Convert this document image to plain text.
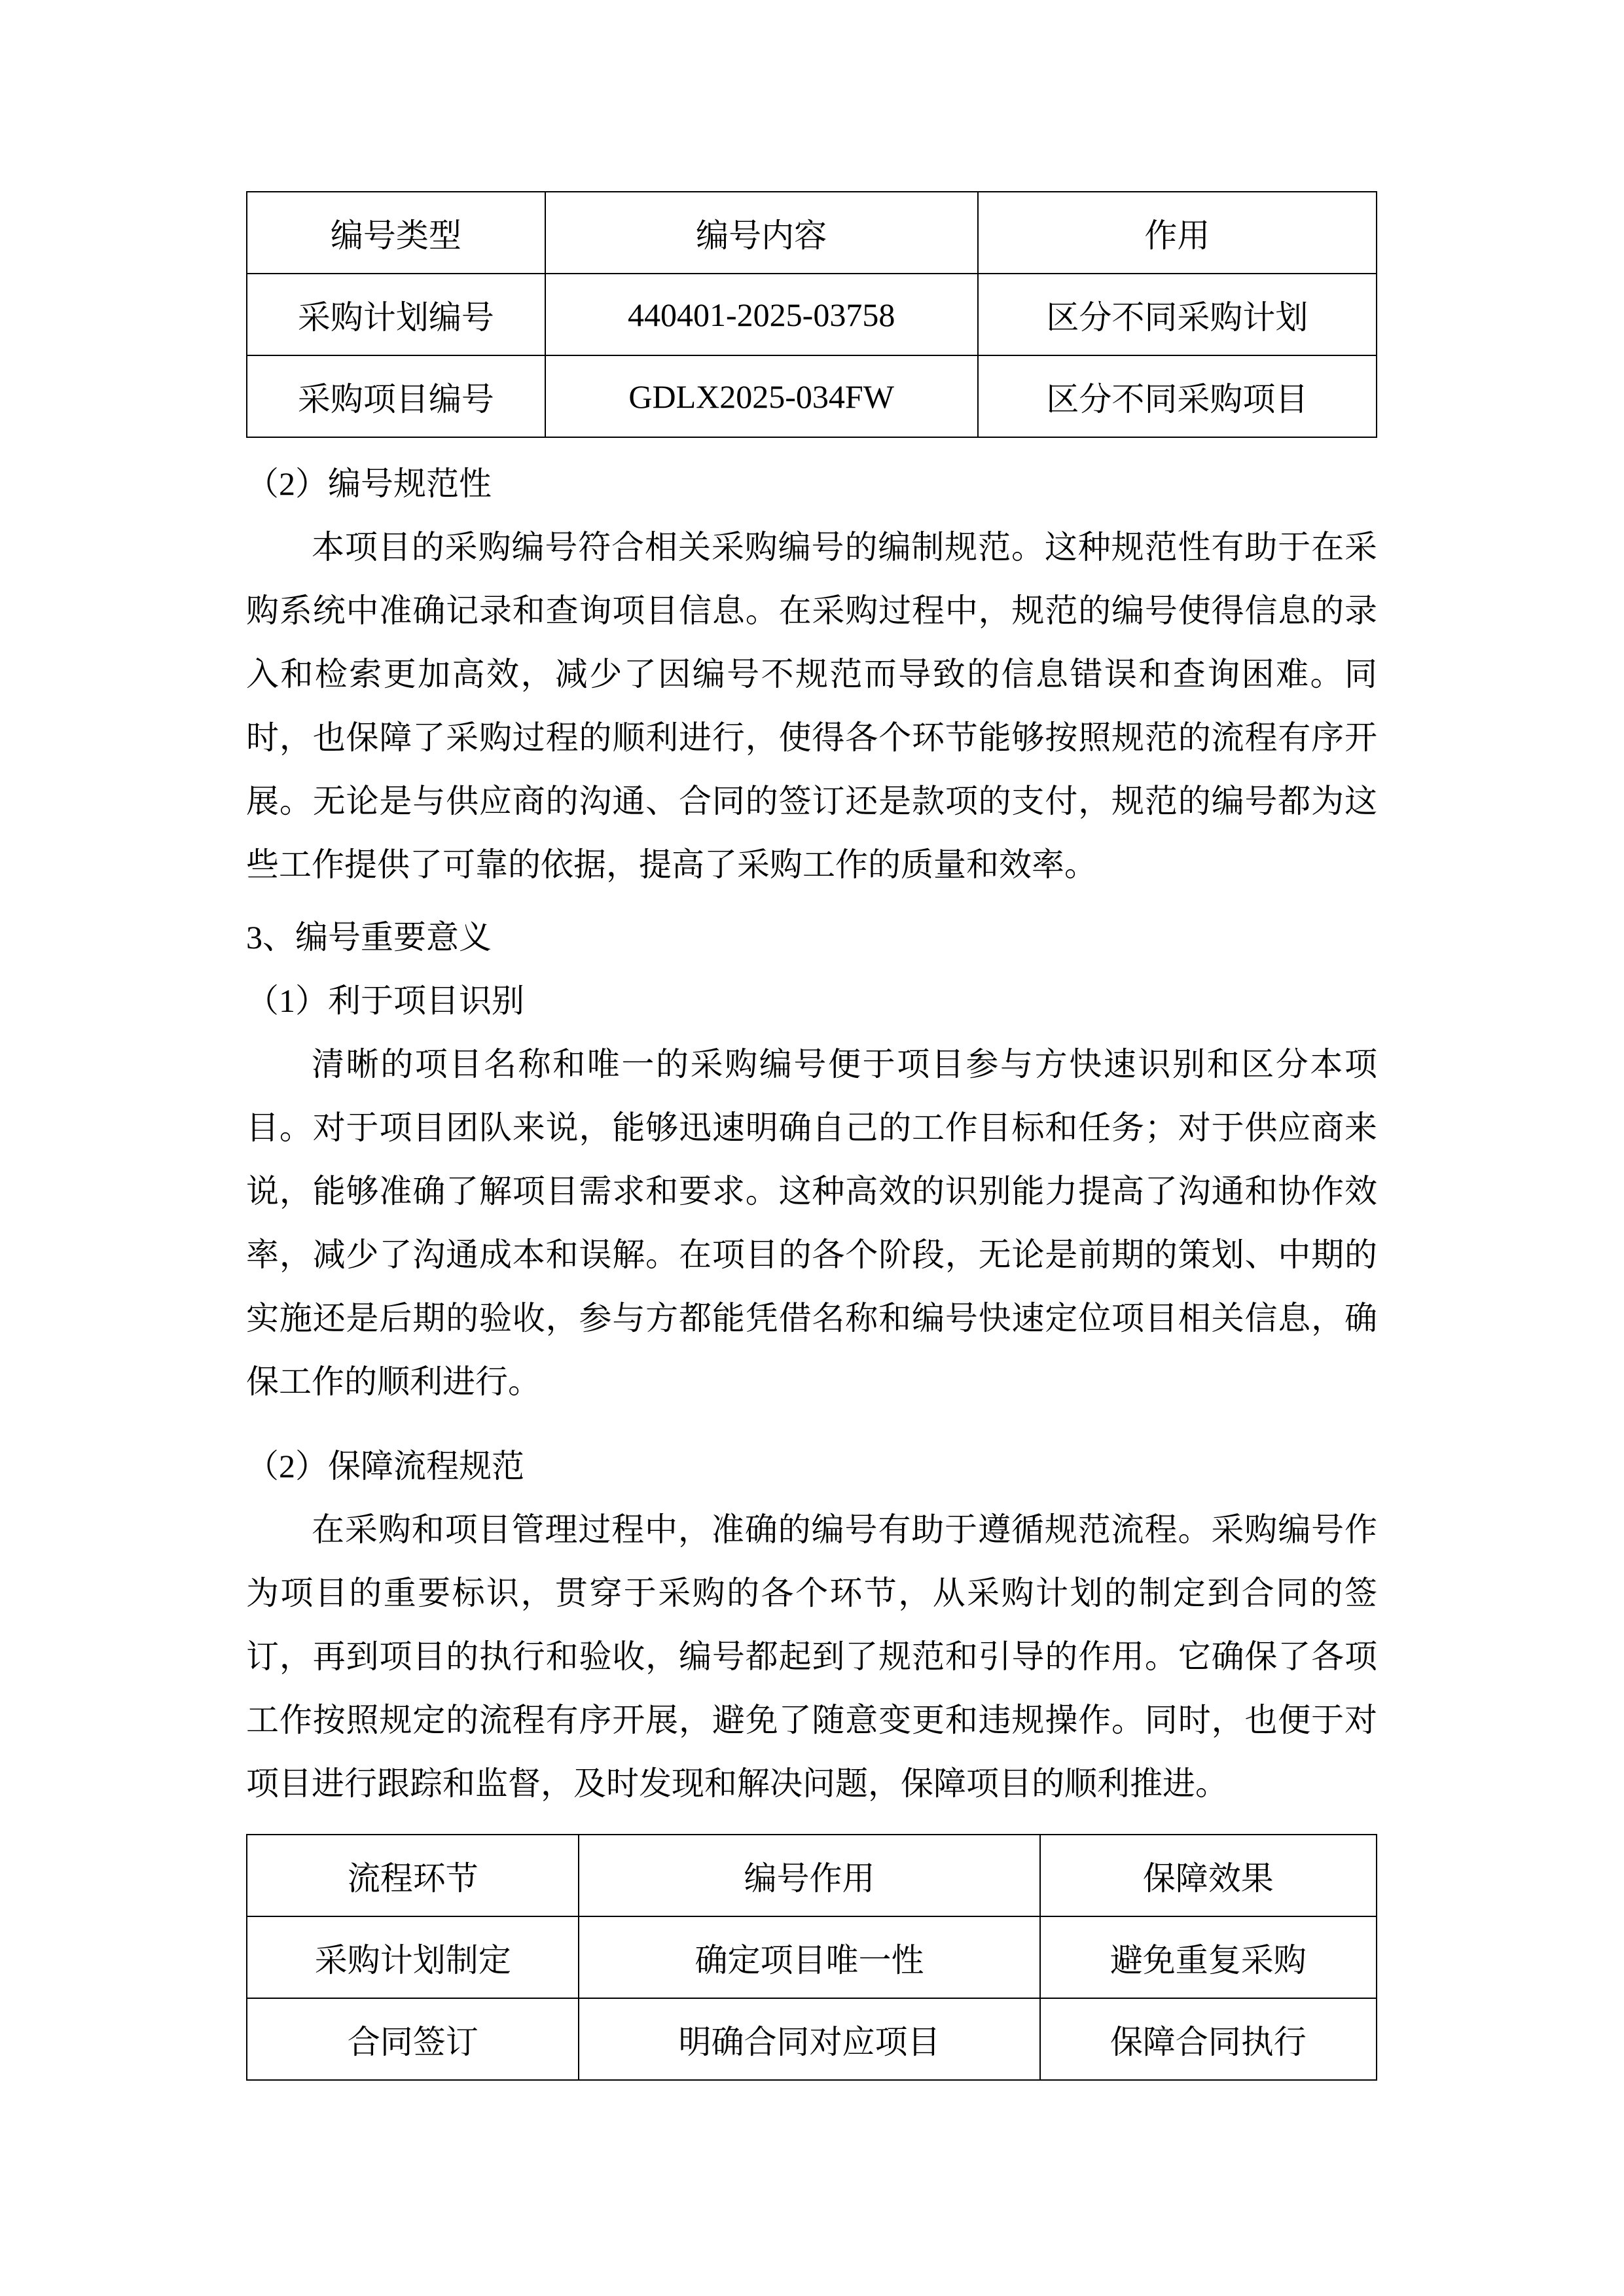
编号类型	编号内容	作用
采购计划编号	440401-2025-03758	区分不同采购计划
采购项目编号	GDLX2025-034FW	区分不同采购项目
（2）编号规范性

本项目的采购编号符合相关采购编号的编制规范。这种规范性有助于在采购系统中准确记录和查询项目信息。在采购过程中，规范的编号使得信息的录入和检索更加高效，减少了因编号不规范而导致的信息错误和查询困难。同时，也保障了采购过程的顺利进行，使得各个环节能够按照规范的流程有序开展。无论是与供应商的沟通、合同的签订还是款项的支付，规范的编号都为这些工作提供了可靠的依据，提高了采购工作的质量和效率。

3、编号重要意义
（1）利于项目识别

清晰的项目名称和唯一的采购编号便于项目参与方快速识别和区分本项目。对于项目团队来说，能够迅速明确自己的工作目标和任务；对于供应商来说，能够准确了解项目需求和要求。这种高效的识别能力提高了沟通和协作效率，减少了沟通成本和误解。在项目的各个阶段，无论是前期的策划、中期的实施还是后期的验收，参与方都能凭借名称和编号快速定位项目相关信息，确保工作的顺利进行。

（2）保障流程规范

在采购和项目管理过程中，准确的编号有助于遵循规范流程。采购编号作为项目的重要标识，贯穿于采购的各个环节，从采购计划的制定到合同的签订，再到项目的执行和验收，编号都起到了规范和引导的作用。它确保了各项工作按照规定的流程有序开展，避免了随意变更和违规操作。同时，也便于对项目进行跟踪和监督，及时发现和解决问题，保障项目的顺利推进。

流程环节	编号作用	保障效果
采购计划制定	确定项目唯一性	避免重复采购
合同签订	明确合同对应项目	保障合同执行
